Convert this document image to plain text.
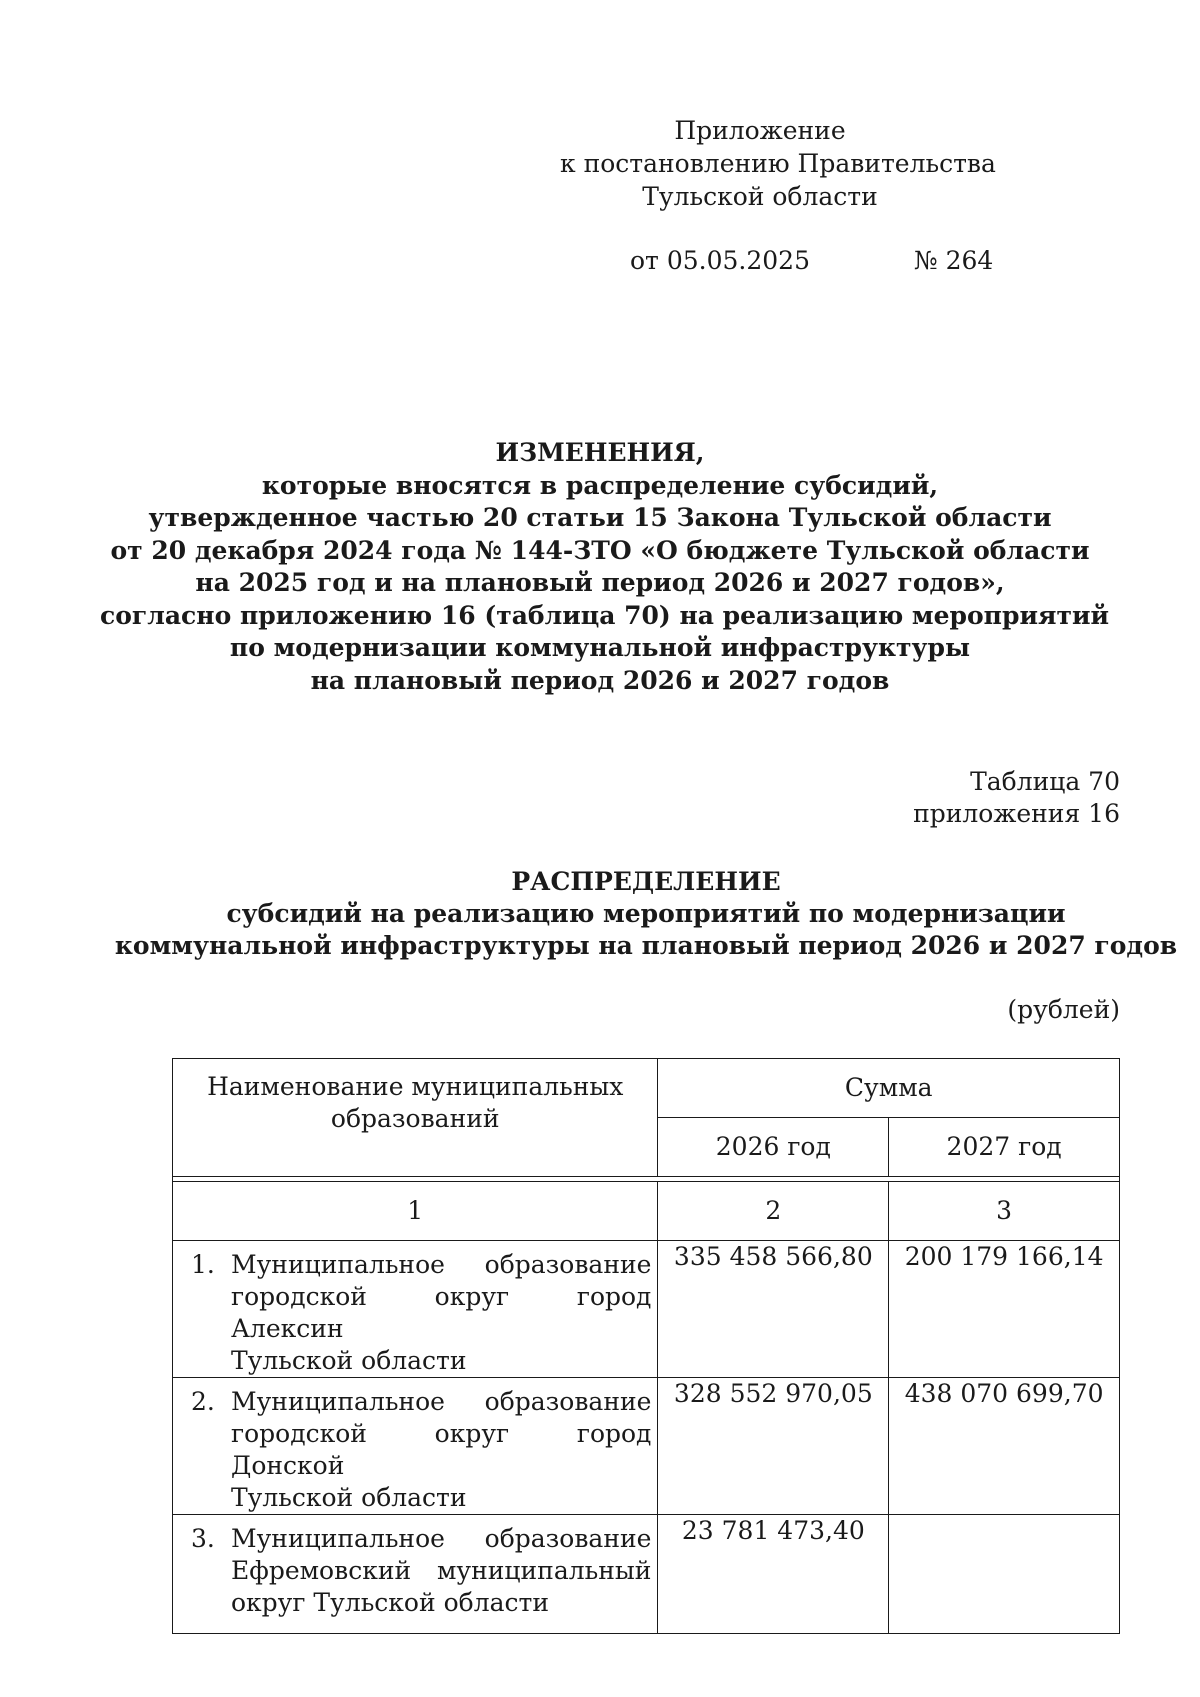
Приложение
к постановлению Правительства
Тульской области
от 05.05.2025	№ 264
ИЗМЕНЕНИЯ,
которые вносятся в распределение субсидий,
утвержденное частью 20 статьи 15 Закона Тульской области
от 20 декабря 2024 года № 144-ЗТО «О бюджете Тульской области
на 2025 год и на плановый период 2026 и 2027 годов»,
согласно приложению 16 (таблица 70) на реализацию мероприятий
по модернизации коммунальной инфраструктуры
на плановый период 2026 и 2027 годов
Таблица 70
приложения 16
РАСПРЕДЕЛЕНИЕ
субсидий на реализацию мероприятий по модернизации
коммунальной инфраструктуры на плановый период 2026 и 2027 годов
(рублей)
Наименование муниципальных
образований	Сумма	
	2026 год	2027 год

1	2	3

1. Муниципальное образование
городской округ город Алексин
Тульской области	335 458 566,80	200 179 166,14

2. Муниципальное образование
городской округ город Донской
Тульской области	328 552 970,05	438 070 699,70

3. Муниципальное образование
Ефремовский муниципальный
округ Тульской области	23 781 473,40	
